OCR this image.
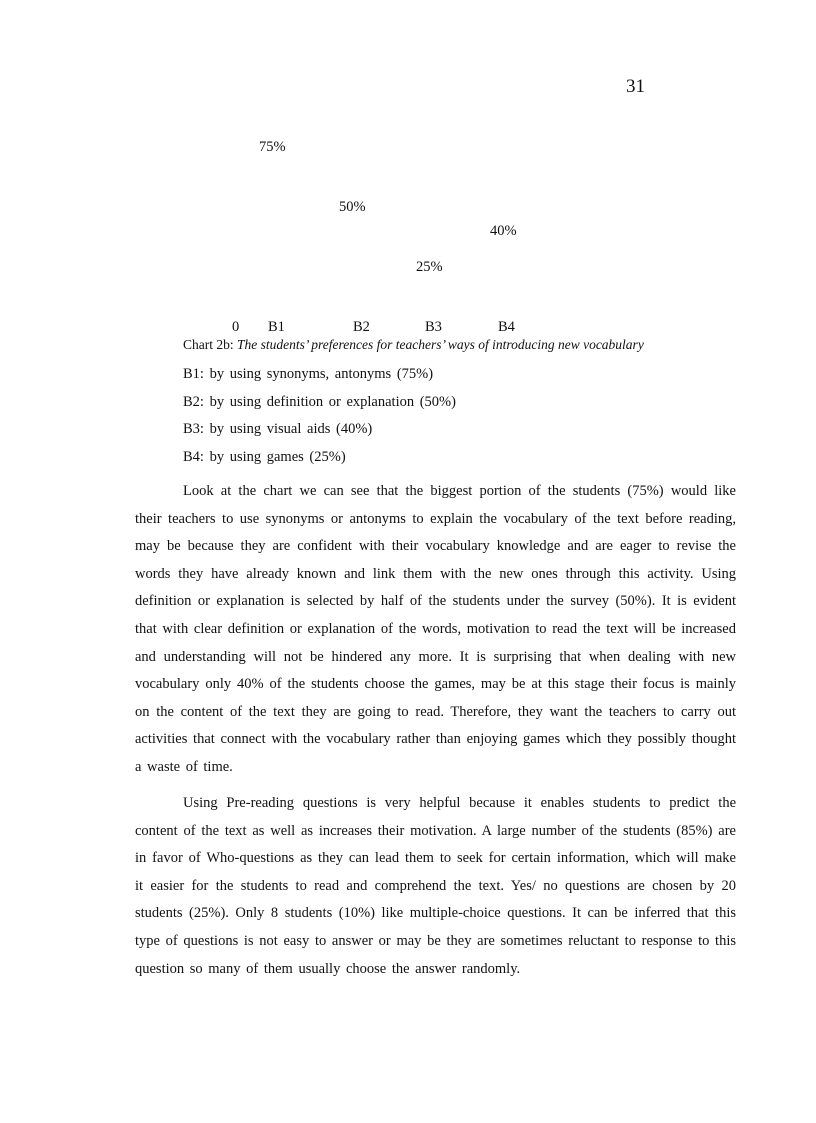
31
0 B1
75%
B2
50%
B3
40%
B4
25%
Chart 2b: The students’ preferences for teachers’ ways of introducing new vocabulary
B1: by using synonyms, antonyms (75%)
B2: by using definition or explanation (50%)
B3: by using visual aids (40%)
B4: by using games (25%)

Look at the chart we can see that the biggest portion of the students (75%) would like their teachers to use synonyms or antonyms to explain the vocabulary of the text before reading, may be because they are confident with their vocabulary knowledge and are eager to revise the words they have already known and link them with the new ones through this activity. Using definition or explanation is selected by half of the students under the survey (50%). It is evident that with clear definition or explanation of the words, motivation to read the text will be increased and understanding will not be hindered any more. It is surprising that when dealing with new vocabulary only 40% of the students choose the games, may be at this stage their focus is mainly on the content of the text they are going to read. Therefore, they want the teachers to carry out activities that connect with the vocabulary rather than enjoying games which they possibly thought a waste of time.

Using Pre-reading questions is very helpful because it enables students to predict the content of the text as well as increases their motivation. A large number of the students (85%) are in favor of Who-questions as they can lead them to seek for certain information, which will make it easier for the students to read and comprehend the text. Yes/ no questions are chosen by 20 students (25%). Only 8 students (10%) like multiple-choice questions. It can be inferred that this type of questions is not easy to answer or may be they are sometimes reluctant to response to this question so many of them usually choose the answer randomly.
